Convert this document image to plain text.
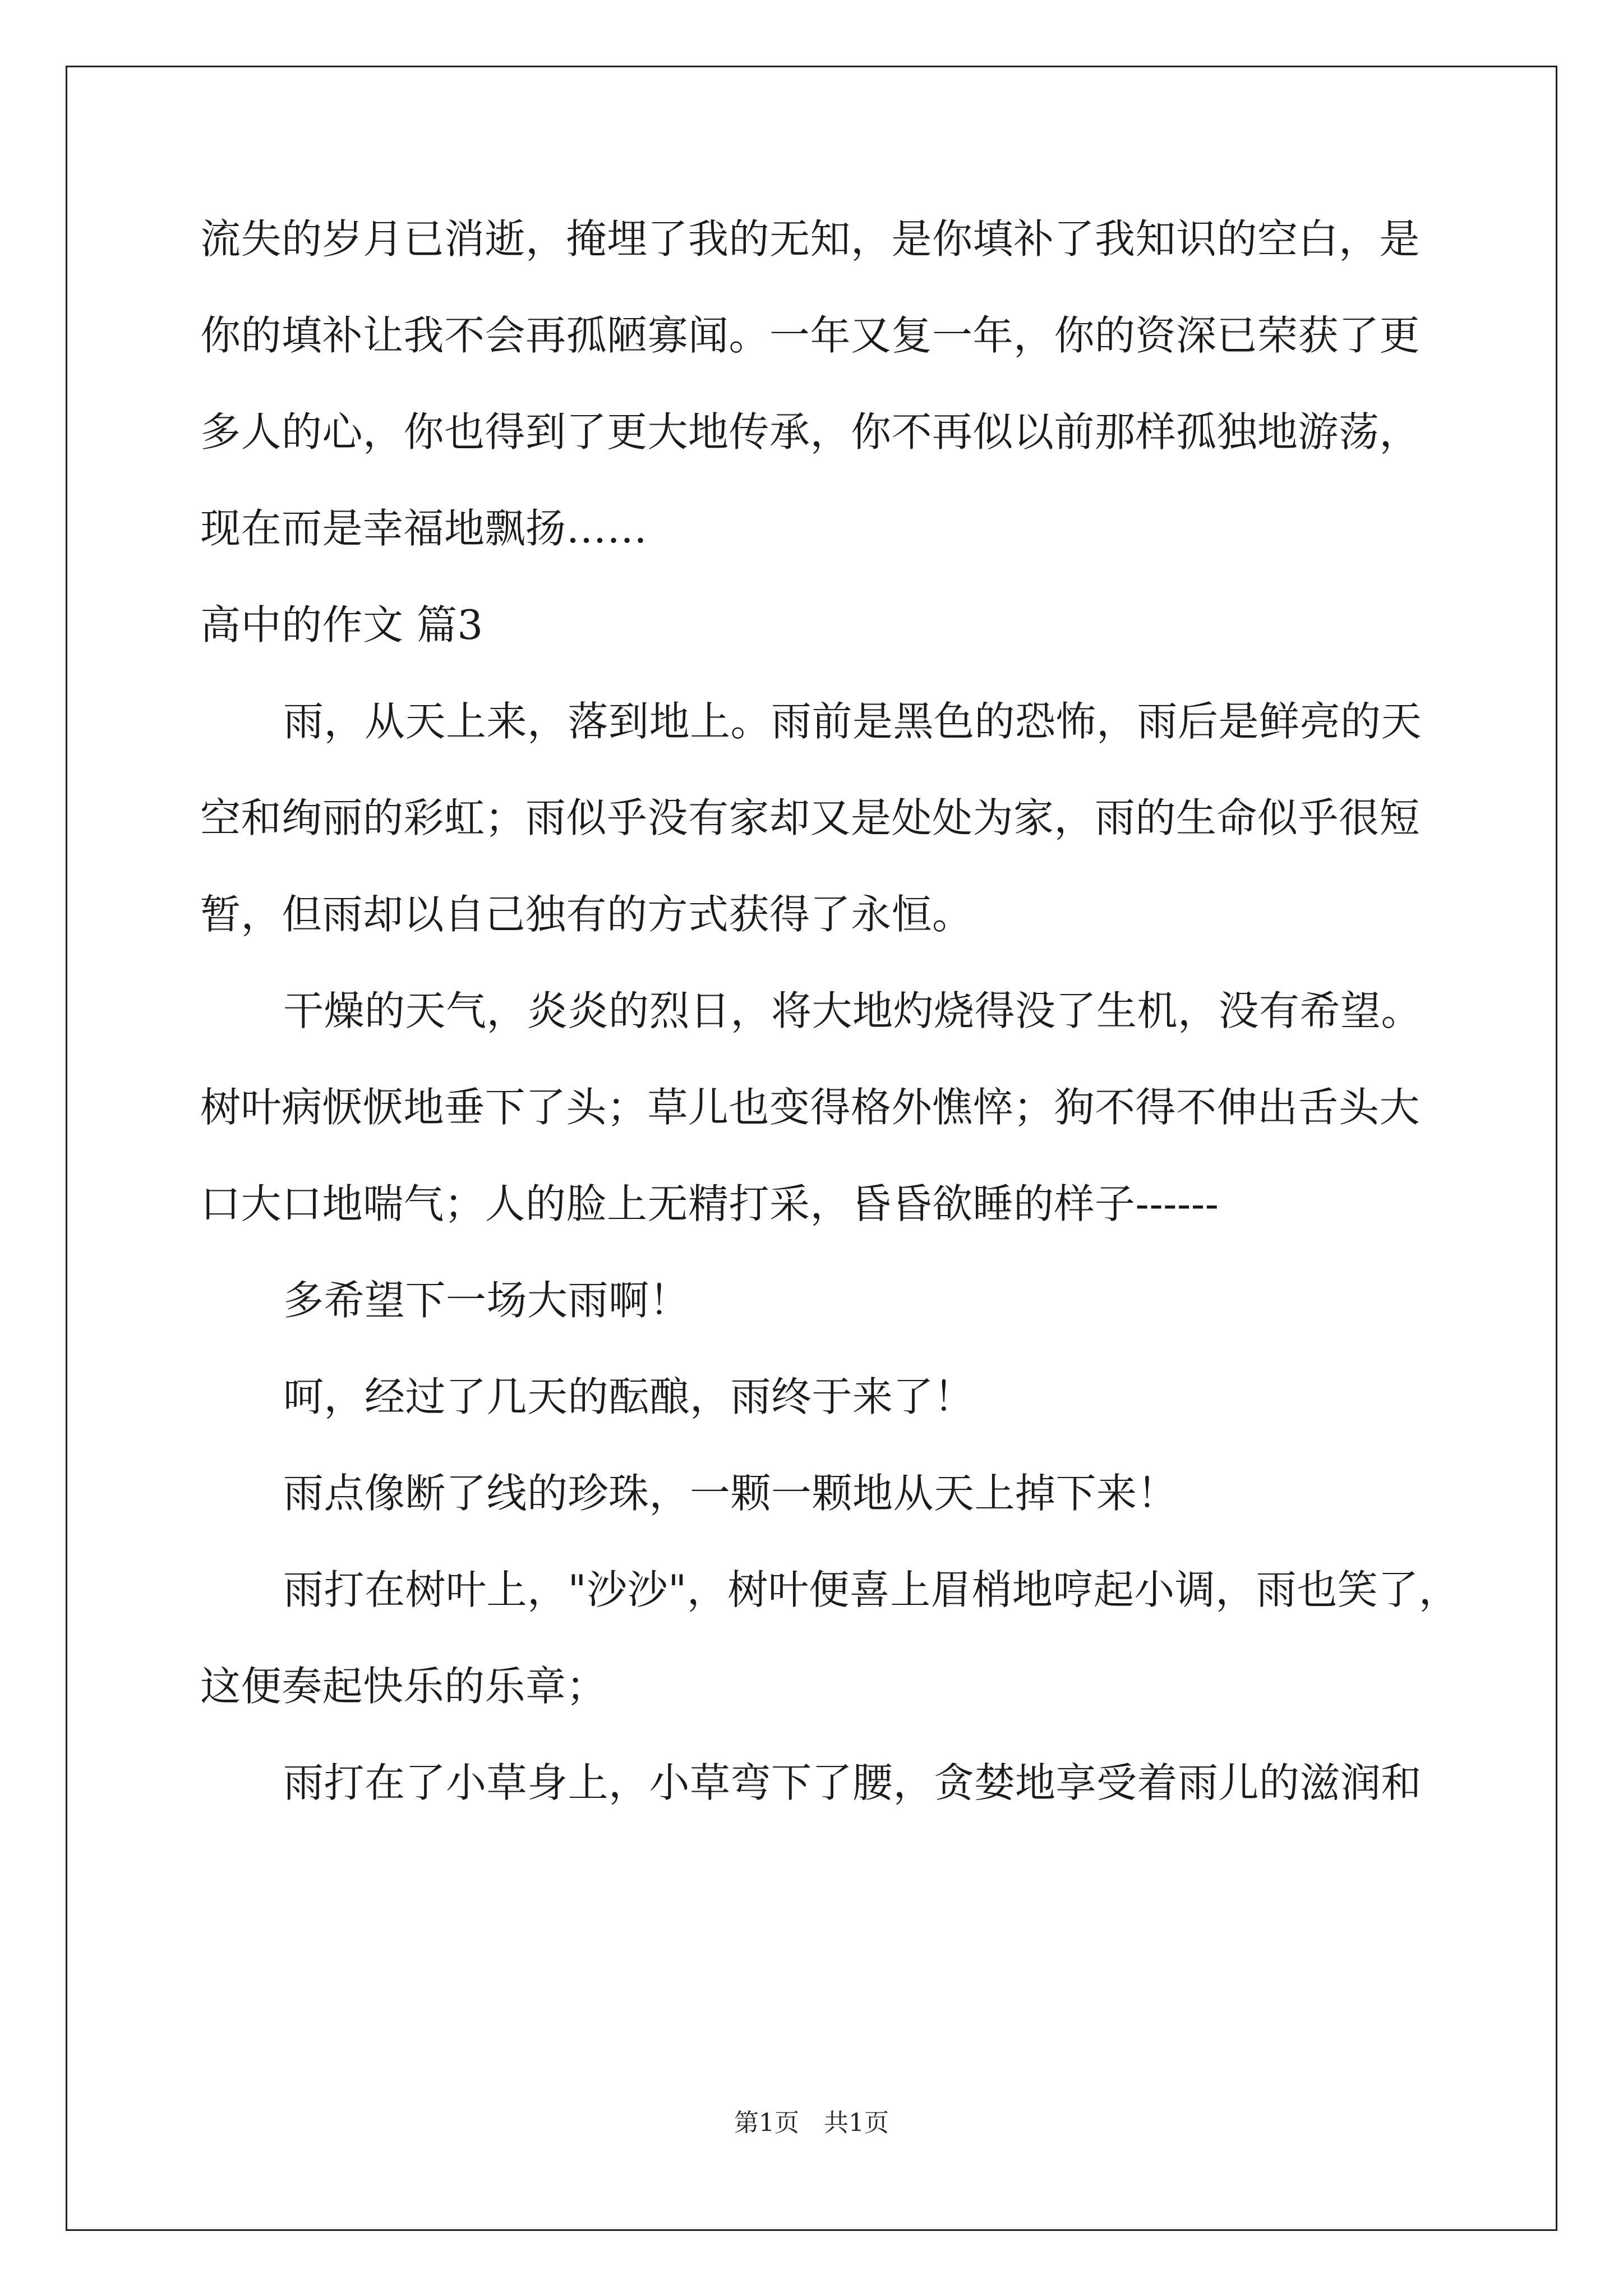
流失的岁月已消逝，掩埋了我的无知，是你填补了我知识的空白，是
你的填补让我不会再孤陋寡闻。一年又复一年，你的资深已荣获了更
多人的心，你也得到了更大地传承，你不再似以前那样孤独地游荡，
现在而是幸福地飘扬……
高中的作文 篇3
雨，从天上来，落到地上。雨前是黑色的恐怖，雨后是鲜亮的天
空和绚丽的彩虹；雨似乎没有家却又是处处为家，雨的生命似乎很短
暂，但雨却以自己独有的方式获得了永恒。
干燥的天气，炎炎的烈日，将大地灼烧得没了生机，没有希望。
树叶病恹恹地垂下了头；草儿也变得格外憔悴；狗不得不伸出舌头大
口大口地喘气；人的脸上无精打采，昏昏欲睡的样子------
多希望下一场大雨啊！
呵，经过了几天的酝酿，雨终于来了！
雨点像断了线的珍珠，一颗一颗地从天上掉下来！
雨打在树叶上，"沙沙"，树叶便喜上眉梢地哼起小调，雨也笑了，
这便奏起快乐的乐章；
雨打在了小草身上，小草弯下了腰，贪婪地享受着雨儿的滋润和
第1页　共1页
